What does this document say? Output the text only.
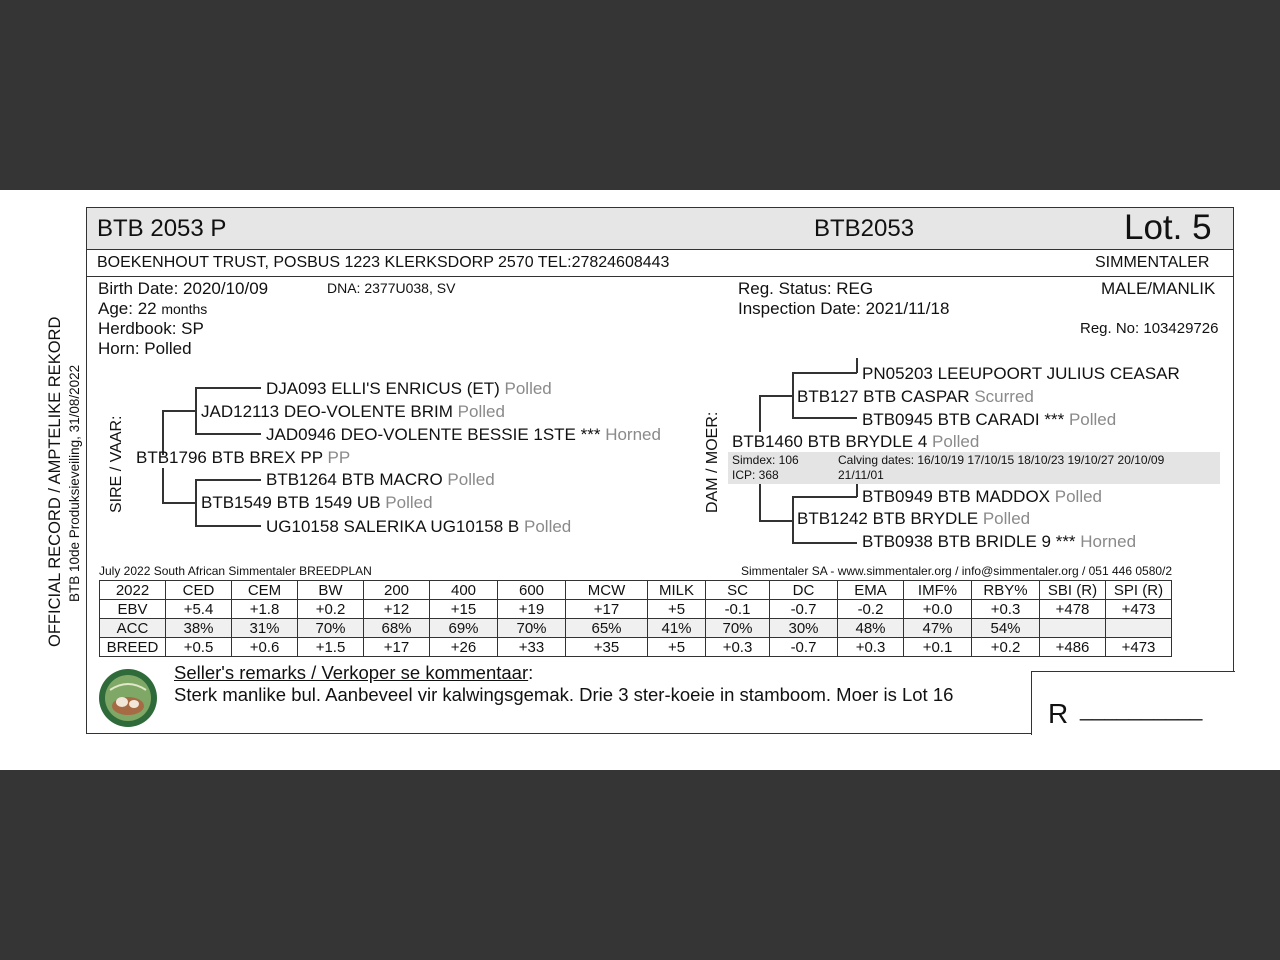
OFFICIAL RECORD / AMPTELIKE REKORD BTB 10de Produksieveiling, 31/08/2022
BTB 2053 P	BTB2053	Lot. 5
BOEKENHOUT TRUST, POSBUS 1223 KLERKSDORP 2570 TEL:27824608443	SIMMENTALER
Birth Date: 2020/10/09	DNA: 2377U038, SV
Age: 22 months
Herdbook: SP
Horn: Polled
Reg. Status: REG
Inspection Date: 2021/11/18
MALE/MANLIK
Reg. No: 103429726
SIRE / VAAR:
DJA093 ELLI'S ENRICUS (ET) Polled
JAD12113 DEO-VOLENTE BRIM Polled
JAD0946 DEO-VOLENTE BESSIE 1STE *** Horned
BTB1796 BTB BREX PP PP
BTB1264 BTB MACRO Polled
BTB1549 BTB 1549 UB Polled
UG10158 SALERIKA UG10158 B Polled
DAM / MOER:
PN05203 LEEUPOORT JULIUS CEASAR
BTB127 BTB CASPAR Scurred
BTB0945 BTB CARADI *** Polled
BTB1460 BTB BRYDLE 4 Polled
Simdex: 106
ICP: 368
Calving dates: 16/10/19 17/10/15 18/10/23 19/10/27 20/10/09
21/11/01
BTB0949 BTB MADDOX Polled
BTB1242 BTB BRYDLE Polled
BTB0938 BTB BRIDLE 9 *** Horned
July 2022 South African Simmentaler BREEDPLAN	Simmentaler SA - www.simmentaler.org / info@simmentaler.org / 051 446 0580/2
2022	CED	CEM	BW	200	400	600	MCW	MILK	SC	DC	EMA	IMF%	RBY%	SBI (R)	SPI (R)
EBV	+5.4	+1.8	+0.2	+12	+15	+19	+17	+5	-0.1	-0.7	-0.2	+0.0	+0.3	+478	+473
ACC	38%	31%	70%	68%	69%	70%	65%	41%	70%	30%	48%	47%	54%		
BREED	+0.5	+0.6	+1.5	+17	+26	+33	+35	+5	+0.3	-0.7	+0.3	+0.1	+0.2	+486	+473
Seller's remarks / Verkoper se kommentaar:
Sterk manlike bul. Aanbeveel vir kalwingsgemak. Drie 3 ster-koeie in stamboom. Moer is Lot 16
R __________
